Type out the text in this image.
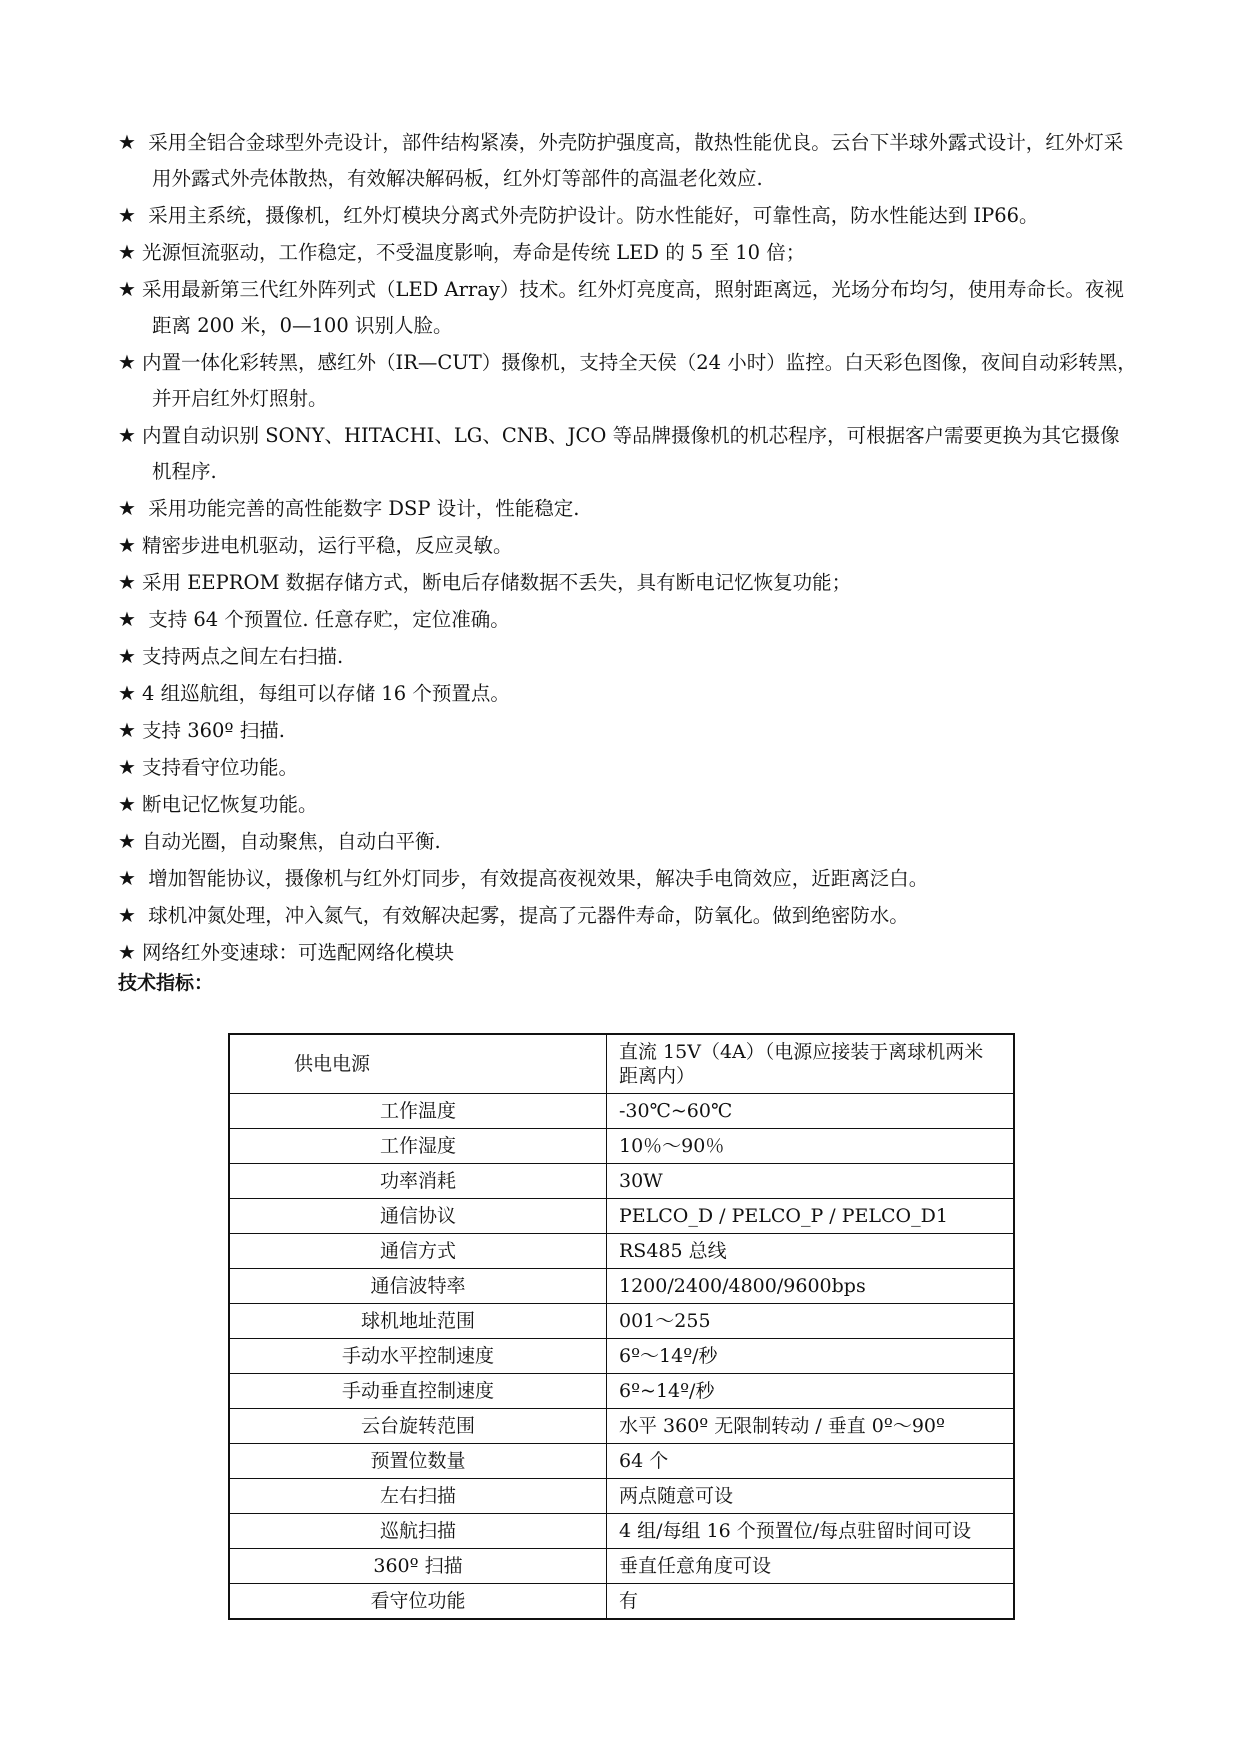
★ 采用全铝合金球型外壳设计，部件结构紧凑，外壳防护强度高，散热性能优良。云台下半球外露式设计，红外灯采用外露式外壳体散热，有效解决解码板，红外灯等部件的高温老化效应.
★ 采用主系统，摄像机，红外灯模块分离式外壳防护设计。防水性能好，可靠性高，防水性能达到 IP66。
★ 光源恒流驱动，工作稳定，不受温度影响，寿命是传统 LED 的 5 至 10 倍；
★ 采用最新第三代红外阵列式（LED Array）技术。红外灯亮度高，照射距离远，光场分布均匀，使用寿命长。夜视距离 200 米，0—100 识别人脸。
★ 内置一体化彩转黑，感红外（IR—CUT）摄像机，支持全天侯（24 小时）监控。白天彩色图像，夜间自动彩转黑，并开启红外灯照射。
★ 内置自动识别 SONY、HITACHI、LG、CNB、JCO 等品牌摄像机的机芯程序，可根据客户需要更换为其它摄像机程序.
★ 采用功能完善的高性能数字 DSP 设计，性能稳定.
★ 精密步进电机驱动，运行平稳，反应灵敏。
★ 采用 EEPROM 数据存储方式，断电后存储数据不丢失，具有断电记忆恢复功能；
★ 支持 64 个预置位. 任意存贮，定位准确。
★ 支持两点之间左右扫描.
★ 4 组巡航组，每组可以存储 16 个预置点。
★ 支持 360º 扫描.
★ 支持看守位功能。
★ 断电记忆恢复功能。
★ 自动光圈，自动聚焦，自动白平衡.
★ 增加智能协议，摄像机与红外灯同步，有效提高夜视效果，解决手电筒效应，近距离泛白。
★ 球机冲氮处理，冲入氮气，有效解决起雾，提高了元器件寿命，防氧化。做到绝密防水。
★ 网络红外变速球：可选配网络化模块
技术指标：
供电电源	直流 15V（4A）（电源应接装于离球机两米距离内）
工作温度	-30℃~60℃
工作湿度	10％～90％
功率消耗	30W
通信协议	PELCO_D / PELCO_P / PELCO_D1
通信方式	RS485 总线
通信波特率	1200/2400/4800/9600bps
球机地址范围	001～255
手动水平控制速度	6º～14º/秒
手动垂直控制速度	6º~14º/秒
云台旋转范围	水平 360º 无限制转动 / 垂直 0º～90º
预置位数量	64 个
左右扫描	两点随意可设
巡航扫描	4 组/每组 16 个预置位/每点驻留时间可设
360º 扫描	垂直任意角度可设
看守位功能	有
